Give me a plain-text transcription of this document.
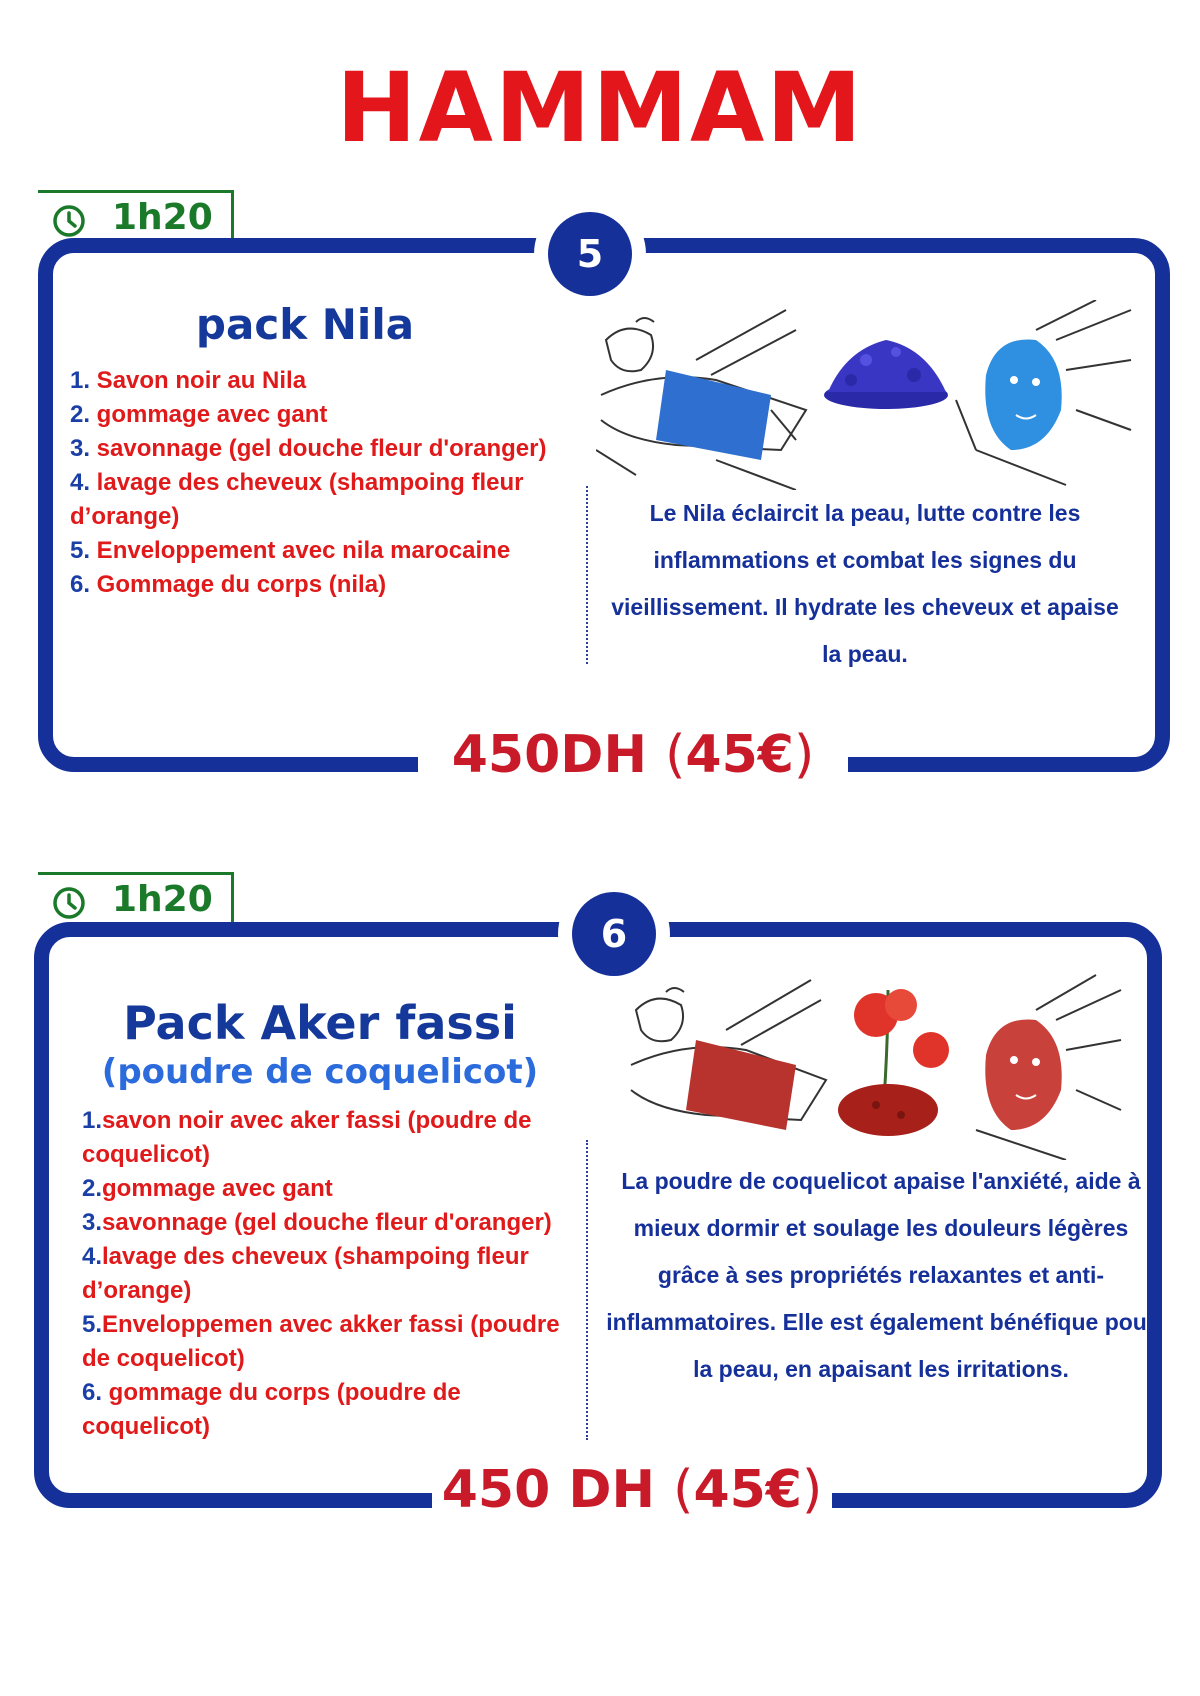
HAMMAM
1h20
5
pack Nila
1. Savon noir au Nila
2. gommage avec gant
3. savonnage (gel douche fleur d'oranger)
4. lavage des cheveux (shampoing fleur d’orange)
5. Enveloppement avec nila marocaine
6. Gommage du corps (nila)
Le Nila éclaircit la peau, lutte contre les inflammations et combat les signes du vieillissement. Il hydrate les cheveux et apaise la peau.
450DH (45€)
1h20
6
Pack Aker fassi
(poudre de coquelicot)
1.savon noir avec aker fassi (poudre de coquelicot)
2.gommage avec gant
3.savonnage (gel douche fleur d'oranger)
4.lavage des cheveux (shampoing fleur d’orange)
5.Enveloppemen avec akker fassi (poudre de coquelicot)
6. gommage du corps (poudre de coquelicot)
La poudre de coquelicot apaise l'anxiété, aide à mieux dormir et soulage les douleurs légères grâce à ses propriétés relaxantes et anti-inflammatoires. Elle est également bénéfique pour la peau, en apaisant les irritations.
450 DH (45€)
